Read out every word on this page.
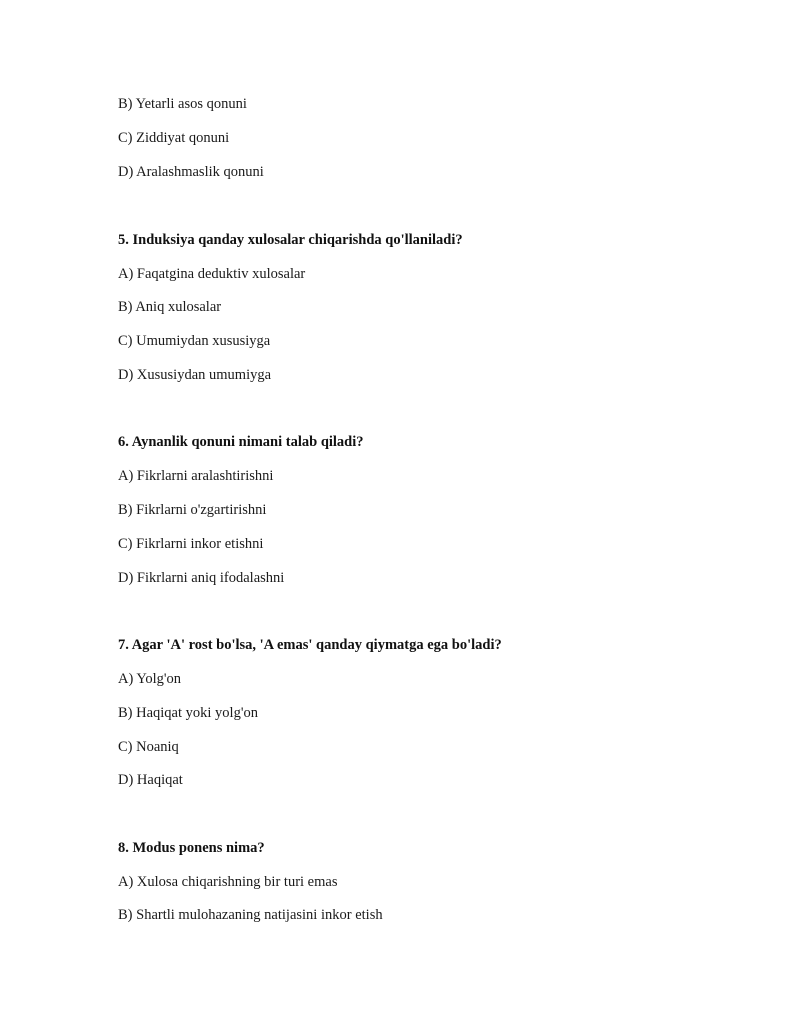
B) Yetarli asos qonuni
C) Ziddiyat qonuni
D) Aralashmaslik qonuni
5. Induksiya qanday xulosalar chiqarishda qo'llaniladi?
A) Faqatgina deduktiv xulosalar
B) Aniq xulosalar
C) Umumiydan xususiyga
D) Xususiydan umumiyga
6. Aynanlik qonuni nimani talab qiladi?
A) Fikrlarni aralashtirishni
B) Fikrlarni o'zgartirishni
C) Fikrlarni inkor etishni
D) Fikrlarni aniq ifodalashni
7. Agar 'A' rost bo'lsa, 'A emas' qanday qiymatga ega bo'ladi?
A) Yolg'on
B) Haqiqat yoki yolg'on
C) Noaniq
D) Haqiqat
8. Modus ponens nima?
A) Xulosa chiqarishning bir turi emas
B) Shartli mulohazaning natijasini inkor etish
